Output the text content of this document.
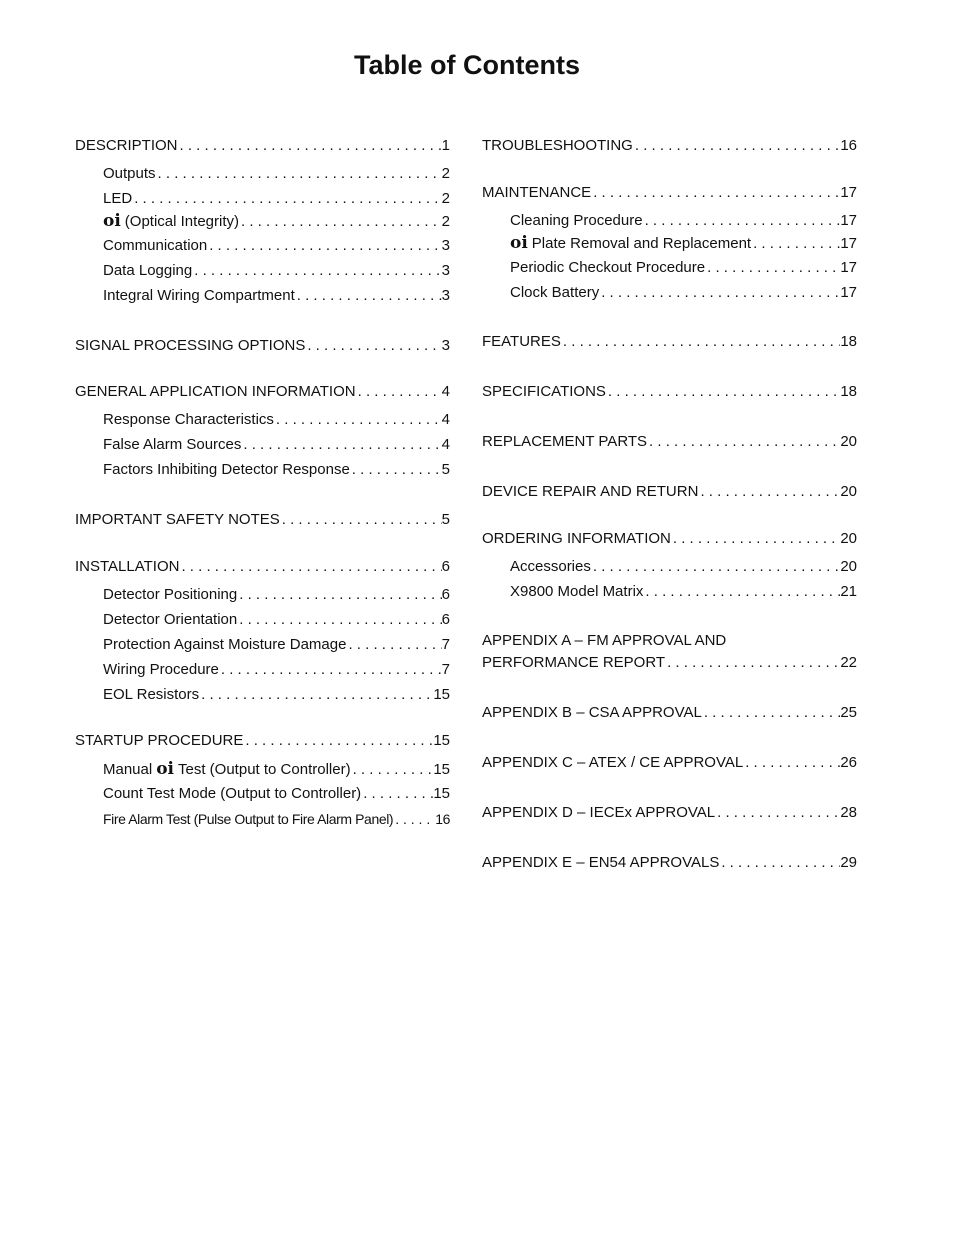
Table of Contents
DESCRIPTION . . .	1
Outputs . . .	2
LED . . .	2
oi (Optical Integrity) . . .	2
Communication . . .	3
Data Logging . . .	3
Integral Wiring Compartment . . .	3
SIGNAL PROCESSING OPTIONS . . .	3
GENERAL APPLICATION INFORMATION . . .	4
Response Characteristics . . .	4
False Alarm Sources . . .	4
Factors Inhibiting Detector Response . . .	5
IMPORTANT SAFETY NOTES . . .	5
INSTALLATION . . .	6
Detector Positioning . . .	6
Detector Orientation . . .	6
Protection Against Moisture Damage . . .	7
Wiring Procedure . . .	7
EOL Resistors . . .	15
STARTUP PROCEDURE . . .	15
Manual oi Test (Output to Controller) . . .	15
Count Test Mode (Output to Controller) . . .	15
Fire Alarm Test (Pulse Output to Fire Alarm Panel) . . .	16
TROUBLESHOOTING . . .	16
MAINTENANCE . . .	17
Cleaning Procedure . . .	17
oi Plate Removal and Replacement . . .	17
Periodic Checkout Procedure . . .	17
Clock Battery . . .	17
FEATURES . . .	18
SPECIFICATIONS . . .	18
REPLACEMENT PARTS . . .	20
DEVICE REPAIR AND RETURN . . .	20
ORDERING INFORMATION . . .	20
Accessories . . .	20
X9800 Model Matrix . . .	21
APPENDIX A – FM APPROVAL AND
PERFORMANCE REPORT . . .	22
APPENDIX B – CSA APPROVAL . . .	25
APPENDIX C – ATEX / CE APPROVAL . . .	26
APPENDIX D – IECEx APPROVAL . . .	28
APPENDIX E – EN54 APPROVALS . . .	29
